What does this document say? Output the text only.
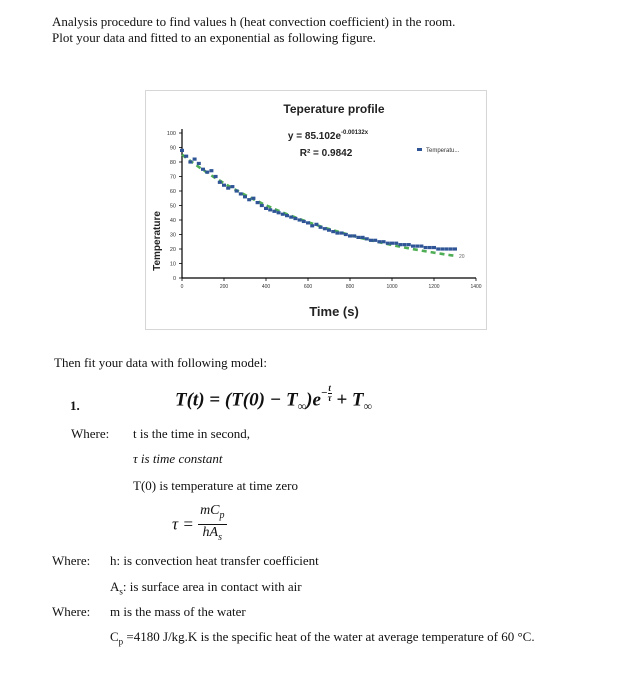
Analysis procedure to find values h (heat convection coefficient) in the room.
Plot your data and fitted to an exponential as following figure.
Teperature profile
$y = 85.102e^{-0.00132x}$
R² = 0.9842	Temperatu...
Temperature
Time (s)
0	200	400	600	800	1000	1200	1400
0
10
20
30
40
50
60
70
80
90
100
20
Then fit your data with following model:
1.	$T(t) = (T(0) - T_\infty)e^{- \frac{t}{\tau}} + T_\infty$
Where: t is the time in second,
τ is time constant
T(0) is temperature at time zero
$\tau = \frac{mC_p}{hA_s}$
Where: h: is convection heat transfer coefficient
$A_s$: is surface area in contact with air
Where: m is the mass of the water
$C_p =4180$ J/kg.K is the specific heat of the water at average temperature of 60 °C.
